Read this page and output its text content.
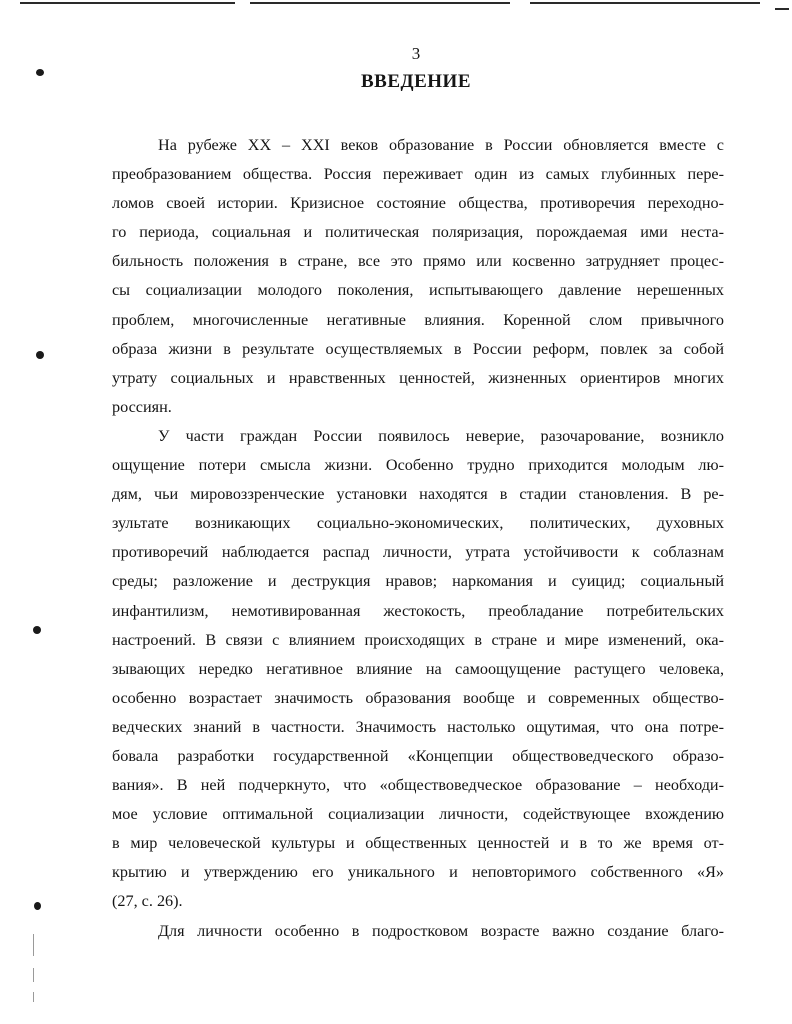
3
ВВЕДЕНИЕ

На рубеже XX – XXI веков образование в России обновляется вместе с
преобразованием общества. Россия переживает один из самых глубинных пере-
ломов своей истории. Кризисное состояние общества, противоречия переходно-
го периода, социальная и политическая поляризация, порождаемая ими неста-
бильность положения в стране, все это прямо или косвенно затрудняет процес-
сы социализации молодого поколения, испытывающего давление нерешенных
проблем, многочисленные негативные влияния. Коренной слом привычного
образа жизни в результате осуществляемых в России реформ, повлек за собой
утрату социальных и нравственных ценностей, жизненных ориентиров многих
россиян.

У части граждан России появилось неверие, разочарование, возникло
ощущение потери смысла жизни. Особенно трудно приходится молодым лю-
дям, чьи мировоззренческие установки находятся в стадии становления. В ре-
зультате возникающих социально-экономических, политических, духовных
противоречий наблюдается распад личности, утрата устойчивости к соблазнам
среды; разложение и деструкция нравов; наркомания и суицид; социальный
инфантилизм, немотивированная жестокость, преобладание потребительских
настроений. В связи с влиянием происходящих в стране и мире изменений, ока-
зывающих нередко негативное влияние на самоощущение растущего человека,
особенно возрастает значимость образования вообще и современных общество-
ведческих знаний в частности. Значимость настолько ощутимая, что она потре-
бовала разработки государственной «Концепции обществоведческого образо-
вания». В ней подчеркнуто, что «обществоведческое образование – необходи-
мое условие оптимальной социализации личности, содействующее вхождению
в мир человеческой культуры и общественных ценностей и в то же время от-
крытию и утверждению его уникального и неповторимого собственного «Я»
(27, с. 26).

Для личности особенно в подростковом возрасте важно создание благо-
